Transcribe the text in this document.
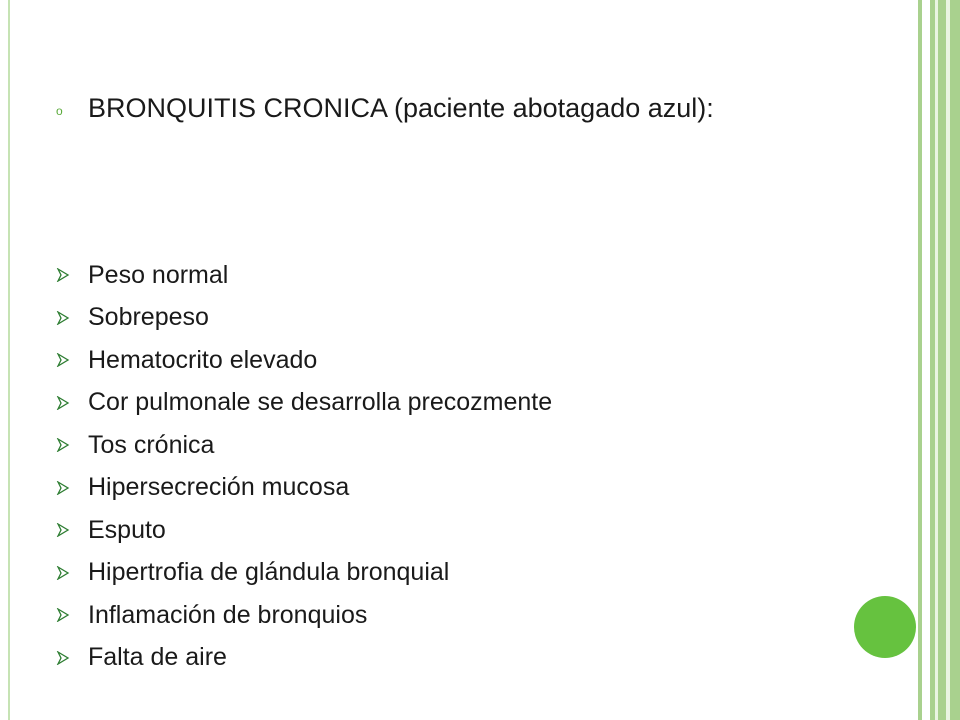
o BRONQUITIS CRONICA (paciente abotagado azul):
Peso normal
Sobrepeso
Hematocrito elevado
Cor pulmonale se desarrolla precozmente
Tos crónica
Hipersecreción mucosa
Esputo
Hipertrofia de glándula bronquial
Inflamación de bronquios
Falta de aire
